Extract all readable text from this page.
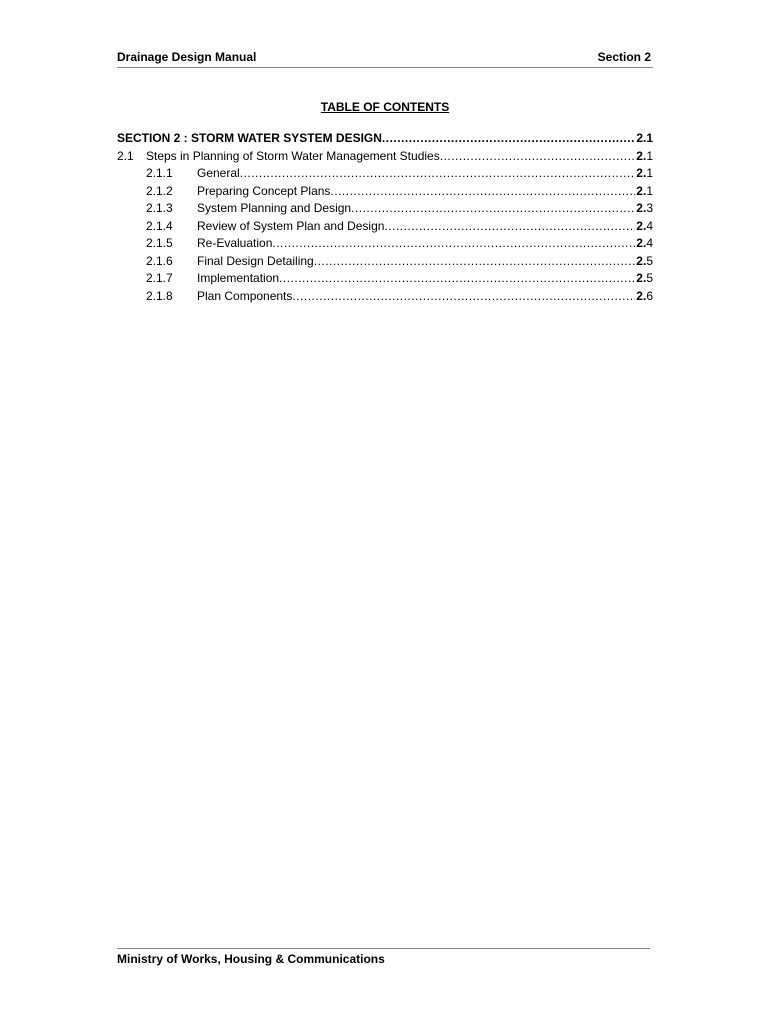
Drainage Design Manual	Section 2
TABLE OF CONTENTS
SECTION 2 : STORM WATER SYSTEM DESIGN .....	2.1
2.1	Steps in Planning of Storm Water Management Studies .....	2.1
2.1.1	General .....	2.1
2.1.2	Preparing Concept Plans .....	2.1
2.1.3	System Planning and Design .....	2.3
2.1.4	Review of System Plan and Design .....	2.4
2.1.5	Re-Evaluation .....	2.4
2.1.6	Final Design Detailing .....	2.5
2.1.7	Implementation .....	2.5
2.1.8	Plan Components .....	2.6
Ministry of Works, Housing & Communications
